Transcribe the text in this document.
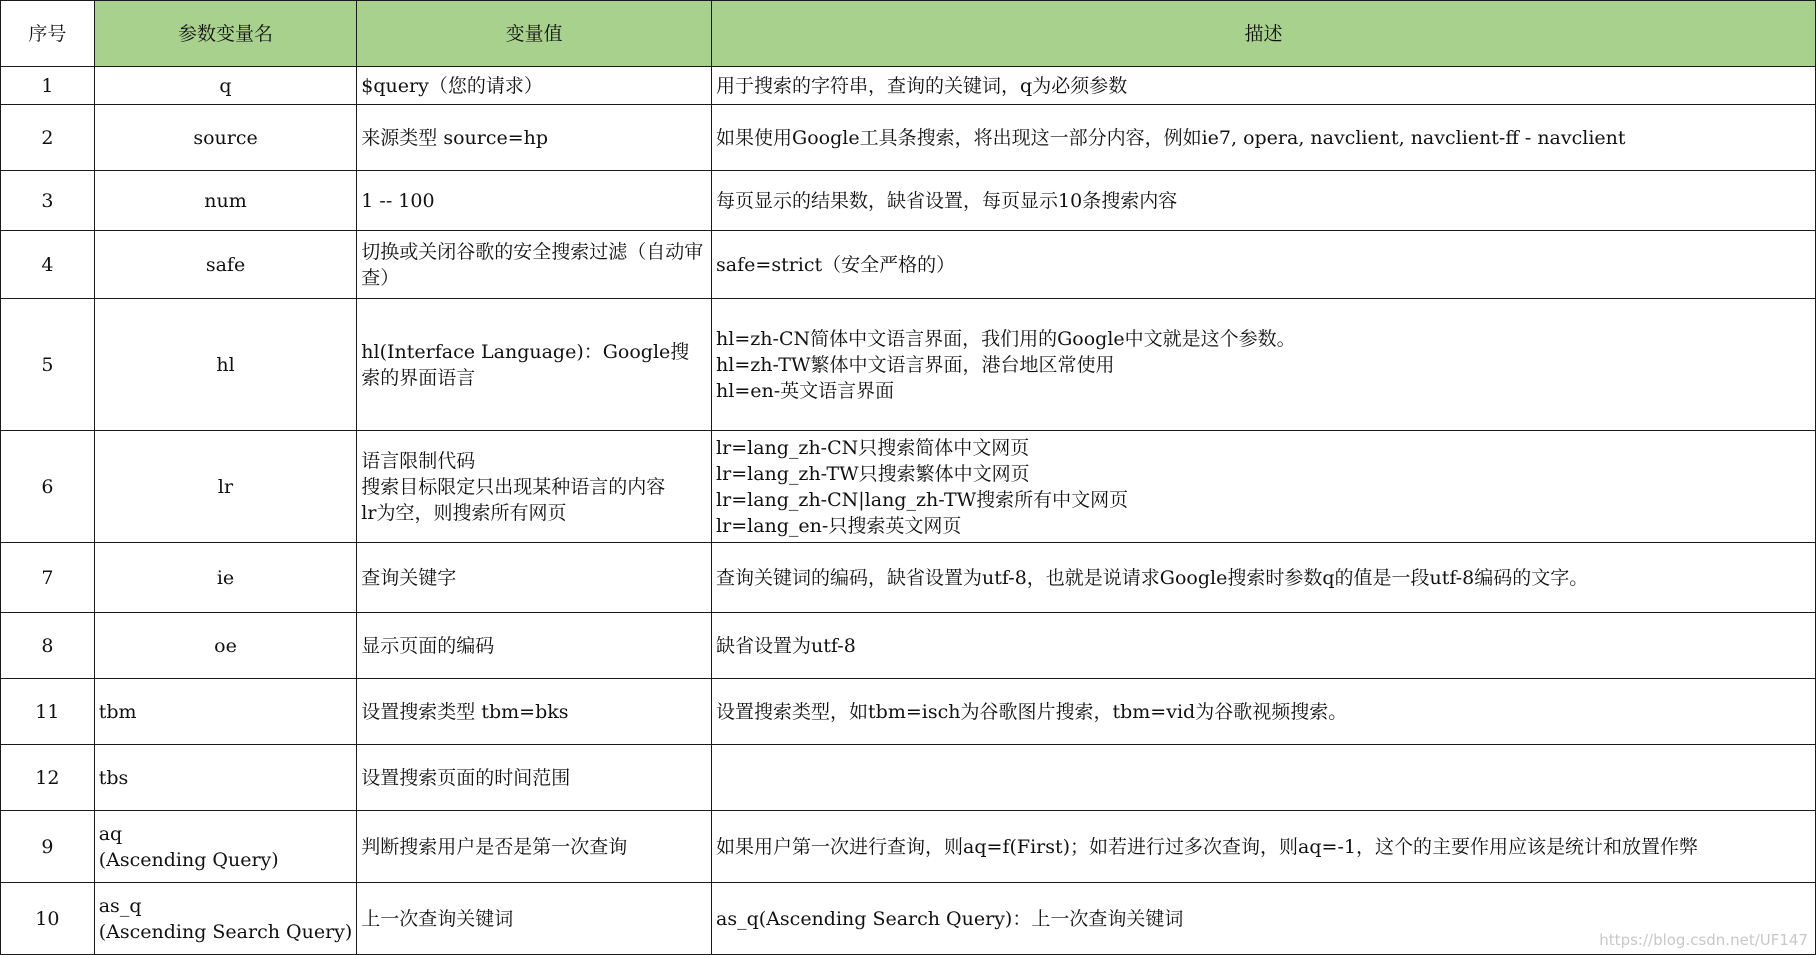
序号	参数变量名	变量值	描述
1	q	$query（您的请求）	用于搜索的字符串，查询的关键词，q为必须参数

2	source	来源类型 source=hp	如果使用Google工具条搜索，将出现这一部分内容，例如ie7, opera, navclient, navclient-ff - navclient

3	num	1 -- 100	每页显示的结果数，缺省设置，每页显示10条搜索内容

4	safe	切换或关闭谷歌的安全搜索过滤（自动审查）	safe=strict（安全严格的）

5	hl	hl(Interface Language)：Google搜索的界面语言	hl=zh-CN简体中文语言界面，我们用的Google中文就是这个参数。
hl=zh-TW繁体中文语言界面，港台地区常使用
hl=en-英文语言界面

6	lr	语言限制代码
搜索目标限定只出现某种语言的内容
lr为空，则搜索所有网页	lr=lang_zh-CN只搜索简体中文网页
lr=lang_zh-TW只搜索繁体中文网页
lr=lang_zh-CN|lang_zh-TW搜索所有中文网页
lr=lang_en-只搜索英文网页

7	ie	查询关键字	查询关键词的编码，缺省设置为utf-8，也就是说请求Google搜索时参数q的值是一段utf-8编码的文字。

8	oe	显示页面的编码	缺省设置为utf-8

11	tbm	设置搜索类型 tbm=bks	设置搜索类型，如tbm=isch为谷歌图片搜索，tbm=vid为谷歌视频搜索。

12	tbs	设置搜索页面的时间范围	

9	aq
(Ascending Query)	判断搜索用户是否是第一次查询	如果用户第一次进行查询，则aq=f(First)；如若进行过多次查询，则aq=-1，这个的主要作用应该是统计和放置作弊

10	as_q
(Ascending Search Query)	上一次查询关键词	as_q(Ascending Search Query)：上一次查询关键词
https://blog.csdn.net/UF147
